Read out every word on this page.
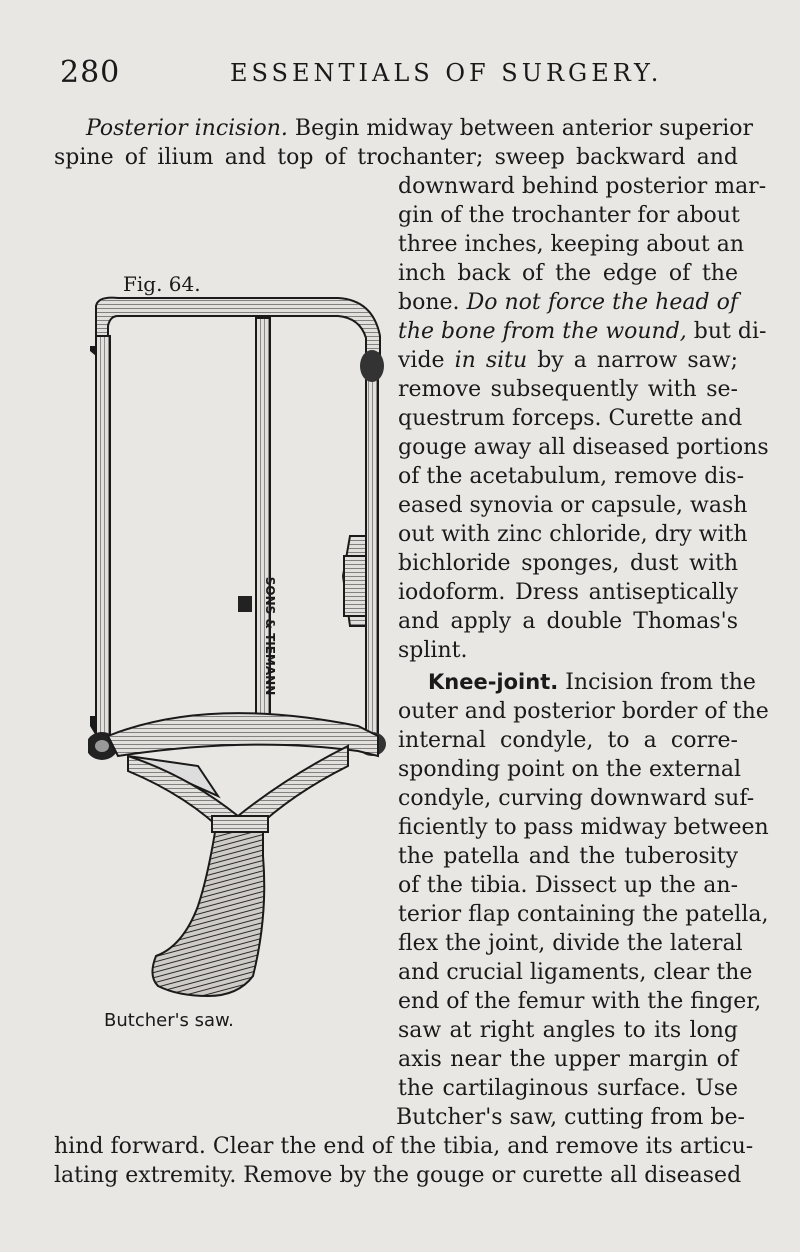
280	ESSENTIALS OF SURGERY.
Posterior incision. Begin midway between anterior superior
spine of ilium and top of trochanter; sweep backward and
downward behind posterior mar-
gin of the trochanter for about
three inches, keeping about an
inch back of the edge of the
bone. Do not force the head of
the bone from the wound, but di-
vide in situ by a narrow saw;
remove subsequently with se-
questrum forceps. Curette and
gouge away all diseased portions
of the acetabulum, remove dis-
eased synovia or capsule, wash
out with zinc chloride, dry with
bichloride sponges, dust with
iodoform. Dress antiseptically
and apply a double Thomas's
splint.
Knee-joint. Incision from the
outer and posterior border of the
internal condyle, to a corre-
sponding point on the external
condyle, curving downward suf-
ficiently to pass midway between
the patella and the tuberosity
of the tibia. Dissect up the an-
terior flap containing the patella,
flex the joint, divide the lateral
and crucial ligaments, clear the
end of the femur with the finger,
saw at right angles to its long
axis near the upper margin of
the cartilaginous surface. Use
Butcher's saw, cutting from be-
hind forward. Clear the end of the tibia, and remove its articu-
lating extremity. Remove by the gouge or curette all diseased
Fig. 64.
SONS & TIEMANN
Butcher's saw.
